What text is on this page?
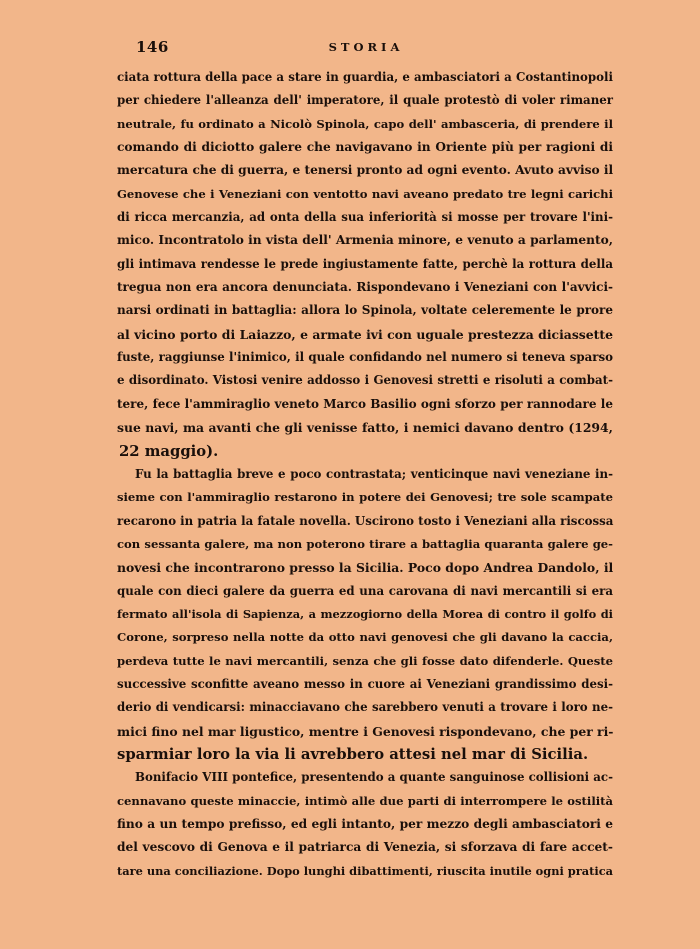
146	STORIA
ciata rottura della pace a stare in guardia, e ambasciatori a Costantinopoli
per chiedere l'alleanza dell' imperatore, il quale protestò di voler rimaner
neutrale, fu ordinato a Nicolò Spinola, capo dell' ambasceria, di prendere il
comando di diciotto galere che navigavano in Oriente più per ragioni di
mercatura che di guerra, e tenersi pronto ad ogni evento. Avuto avviso il
Genovese che i Veneziani con ventotto navi aveano predato tre legni carichi
di ricca mercanzia, ad onta della sua inferiorità si mosse per trovare l'ini-
mico. Incontratolo in vista dell' Armenia minore, e venuto a parlamento,
gli intimava rendesse le prede ingiustamente fatte, perchè la rottura della
tregua non era ancora denunciata. Rispondevano i Veneziani con l'avvici-
narsi ordinati in battaglia: allora lo Spinola, voltate celeremente le prore
al vicino porto di Laiazzo, e armate ivi con uguale prestezza diciassette
fuste, raggiunse l'inimico, il quale confidando nel numero si teneva sparso
e disordinato. Vistosi venire addosso i Genovesi stretti e risoluti a combat-
tere, fece l'ammiraglio veneto Marco Basilio ogni sforzo per rannodare le
sue navi, ma avanti che gli venisse fatto, i nemici davano dentro (1294,
22 maggio).
Fu la battaglia breve e poco contrastata; venticinque navi veneziane in-
sieme con l'ammiraglio restarono in potere dei Genovesi; tre sole scampate
recarono in patria la fatale novella. Uscirono tosto i Veneziani alla riscossa
con sessanta galere, ma non poterono tirare a battaglia quaranta galere ge-
novesi che incontrarono presso la Sicilia. Poco dopo Andrea Dandolo, il
quale con dieci galere da guerra ed una carovana di navi mercantili si era
fermato all'isola di Sapienza, a mezzogiorno della Morea di contro il golfo di
Corone, sorpreso nella notte da otto navi genovesi che gli davano la caccia,
perdeva tutte le navi mercantili, senza che gli fosse dato difenderle. Queste
successive sconfitte aveano messo in cuore ai Veneziani grandissimo desi-
derio di vendicarsi: minacciavano che sarebbero venuti a trovare i loro ne-
mici fino nel mar ligustico, mentre i Genovesi rispondevano, che per ri-
sparmiar loro la via li avrebbero attesi nel mar di Sicilia.
Bonifacio VIII pontefice, presentendo a quante sanguinose collisioni ac-
cennavano queste minaccie, intimò alle due parti di interrompere le ostilità
fino a un tempo prefisso, ed egli intanto, per mezzo degli ambasciatori e
del vescovo di Genova e il patriarca di Venezia, si sforzava di fare accet-
tare una conciliazione. Dopo lunghi dibattimenti, riuscita inutile ogni pratica
